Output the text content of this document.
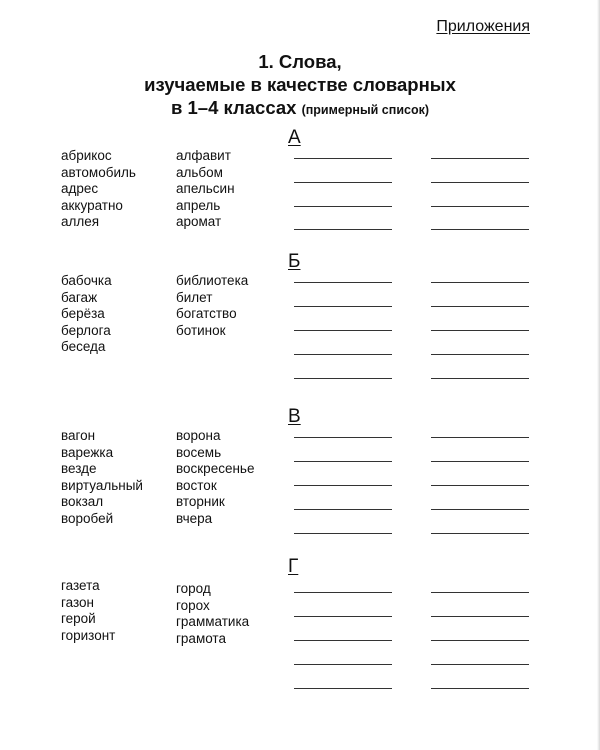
Приложения
1. Слова,
изучаемые в качестве словарных
в 1–4 классах (примерный список)
А
абрикос
автомобиль
адрес
аккуратно
аллея
алфавит
альбом
апельсин
апрель
аромат
Б
бабочка
багаж
берёза
берлога
беседа
библиотека
билет
богатство
ботинок
В
вагон
варежка
везде
виртуальный
вокзал
воробей
ворона
восемь
воскресенье
восток
вторник
вчера
Г
газета
газон
герой
горизонт
город
горох
грамматика
грамота
